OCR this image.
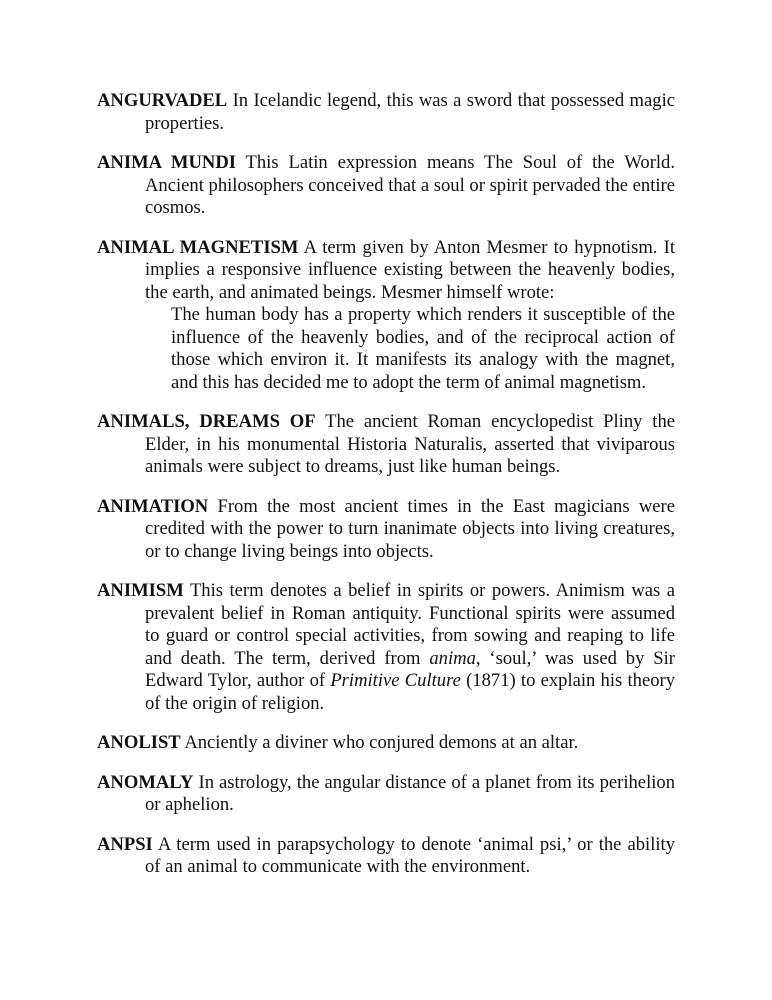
ANGURVADEL In Icelandic legend, this was a sword that possessed magic properties.

ANIMA MUNDI This Latin expression means The Soul of the World. Ancient philosophers conceived that a soul or spirit pervaded the entire cosmos.

ANIMAL MAGNETISM A term given by Anton Mesmer to hypnotism. It implies a responsive influence existing between the heavenly bodies, the earth, and animated beings. Mesmer himself wrote:
The human body has a property which renders it susceptible of the influence of the heavenly bodies, and of the reciprocal action of those which environ it. It manifests its analogy with the magnet, and this has decided me to adopt the term of animal magnetism.

ANIMALS, DREAMS OF The ancient Roman encyclopedist Pliny the Elder, in his monumental Historia Naturalis, asserted that viviparous animals were subject to dreams, just like human beings.

ANIMATION From the most ancient times in the East magicians were credited with the power to turn inanimate objects into living creatures, or to change living beings into objects.

ANIMISM This term denotes a belief in spirits or powers. Animism was a prevalent belief in Roman antiquity. Functional spirits were assumed to guard or control special activities, from sowing and reaping to life and death. The term, derived from anima, ‘soul,’ was used by Sir Edward Tylor, author of Primitive Culture (1871) to explain his theory of the origin of religion.

ANOLIST Anciently a diviner who conjured demons at an altar.

ANOMALY In astrology, the angular distance of a planet from its perihelion or aphelion.

ANPSI A term used in parapsychology to denote ‘animal psi,’ or the ability of an animal to communicate with the environment.
